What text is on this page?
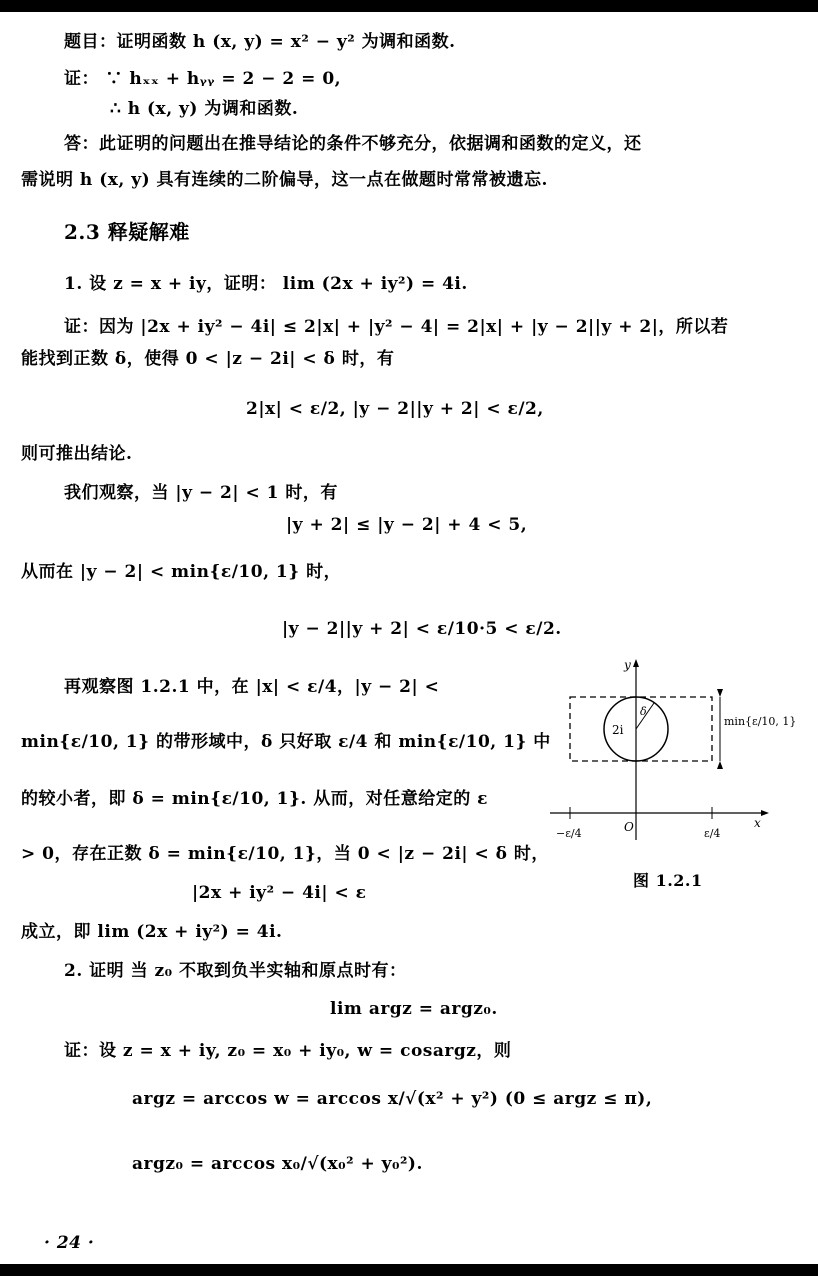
题目：证明函数 h (x, y) = x² − y² 为调和函数.
证： ∵ hₓₓ + hᵧᵧ = 2 − 2 = 0,
∴ h (x, y) 为调和函数.
答：此证明的问题出在推导结论的条件不够充分，依据调和函数的定义，还
需说明 h (x, y) 具有连续的二阶偏导，这一点在做题时常常被遗忘.
2.3 释疑解难
1. 设 z = x + iy，证明： lim (2x + iy²) = 4i.
证：因为 |2x + iy² − 4i| ≤ 2|x| + |y² − 4| = 2|x| + |y − 2||y + 2|，所以若
能找到正数 δ，使得 0 < |z − 2i| < δ 时，有
2|x| < ε/2, |y − 2||y + 2| < ε/2,
则可推出结论.
我们观察，当 |y − 2| < 1 时，有
|y + 2| ≤ |y − 2| + 4 < 5,
从而在 |y − 2| < min{ε/10, 1} 时，
|y − 2||y + 2| < ε/10·5 < ε/2.
再观察图 1.2.1 中，在 |x| < ε/4，|y − 2| <
min{ε/10, 1} 的带形域中，δ 只好取 ε/4 和 min{ε/10, 1} 中
的较小者，即 δ = min{ε/10, 1}. 从而，对任意给定的 ε
> 0，存在正数 δ = min{ε/10, 1}，当 0 < |z − 2i| < δ 时，
|2x + iy² − 4i| < ε
成立，即 lim (2x + iy²) = 4i.
2. 证明 当 z₀ 不取到负半实轴和原点时有：
lim argz = argz₀.
证：设 z = x + iy, z₀ = x₀ + iy₀, w = cosargz，则
argz = arccos w = arccos x/√(x² + y²) (0 ≤ argz ≤ π),
argz₀ = arccos x₀/√(x₀² + y₀²).
y
x
O
2i
δ
min{ε/10, 1}
−ε/4	ε/4
图 1.2.1
· 24 ·
